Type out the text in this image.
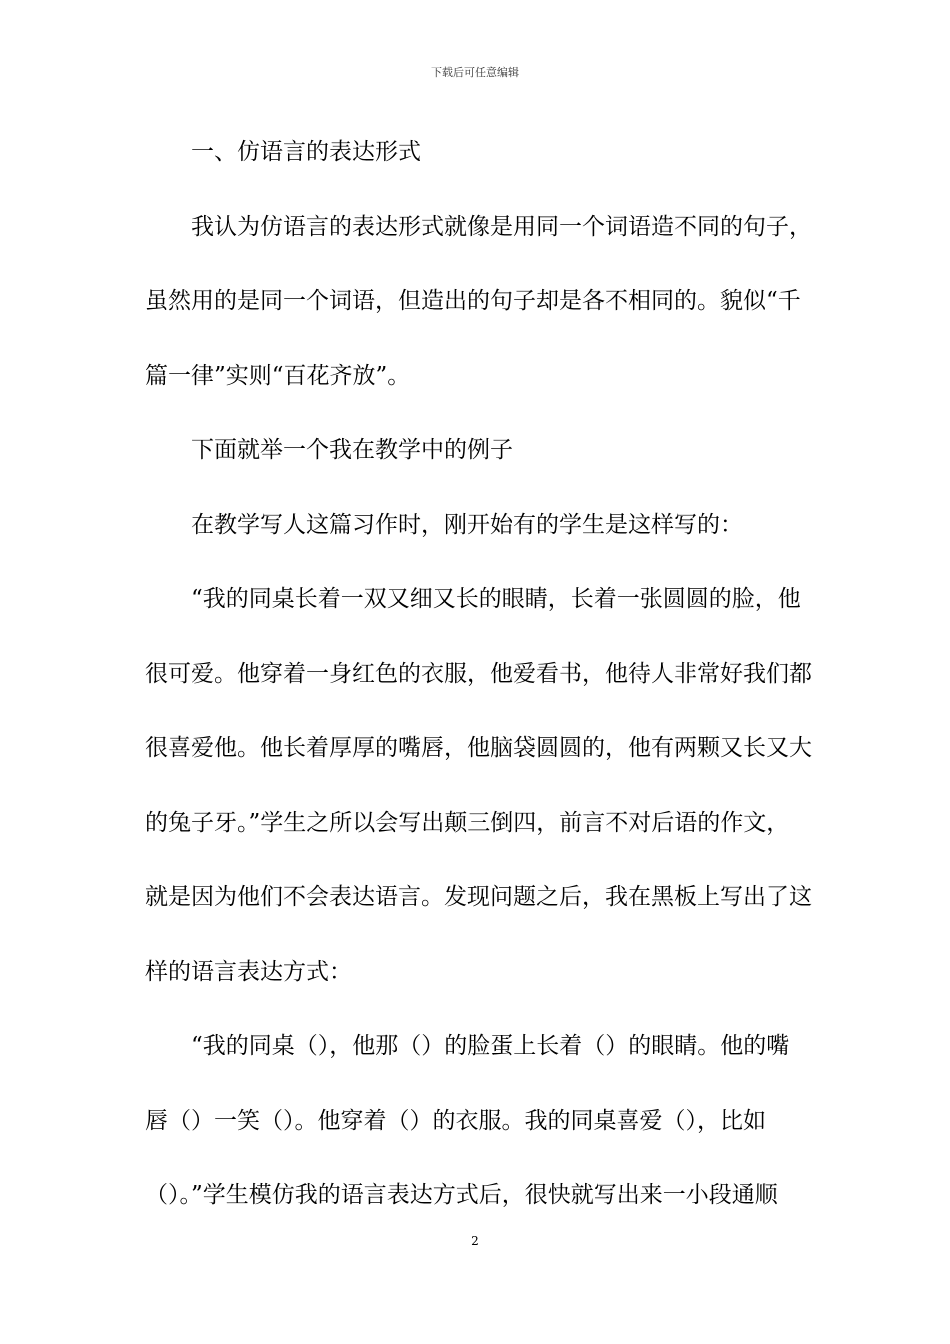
下载后可任意编辑
一、仿语言的表达形式
我认为仿语言的表达形式就像是用同一个词语造不同的句子，
虽然用的是同一个词语，但造出的句子却是各不相同的。貌似“千
篇一律”实则“百花齐放”。
下面就举一个我在教学中的例子
在教学写人这篇习作时，刚开始有的学生是这样写的：
“我的同桌长着一双又细又长的眼睛，长着一张圆圆的脸，他
很可爱。他穿着一身红色的衣服，他爱看书，他待人非常好我们都
很喜爱他。他长着厚厚的嘴唇，他脑袋圆圆的，他有两颗又长又大
的兔子牙。”学生之所以会写出颠三倒四，前言不对后语的作文，
就是因为他们不会表达语言。发现问题之后，我在黑板上写出了这
样的语言表达方式：
“我的同桌（），他那（）的脸蛋上长着（）的眼睛。他的嘴
唇（）一笑（）。他穿着（）的衣服。我的同桌喜爱（），比如
（）。”学生模仿我的语言表达方式后，很快就写出来一小段通顺
2
